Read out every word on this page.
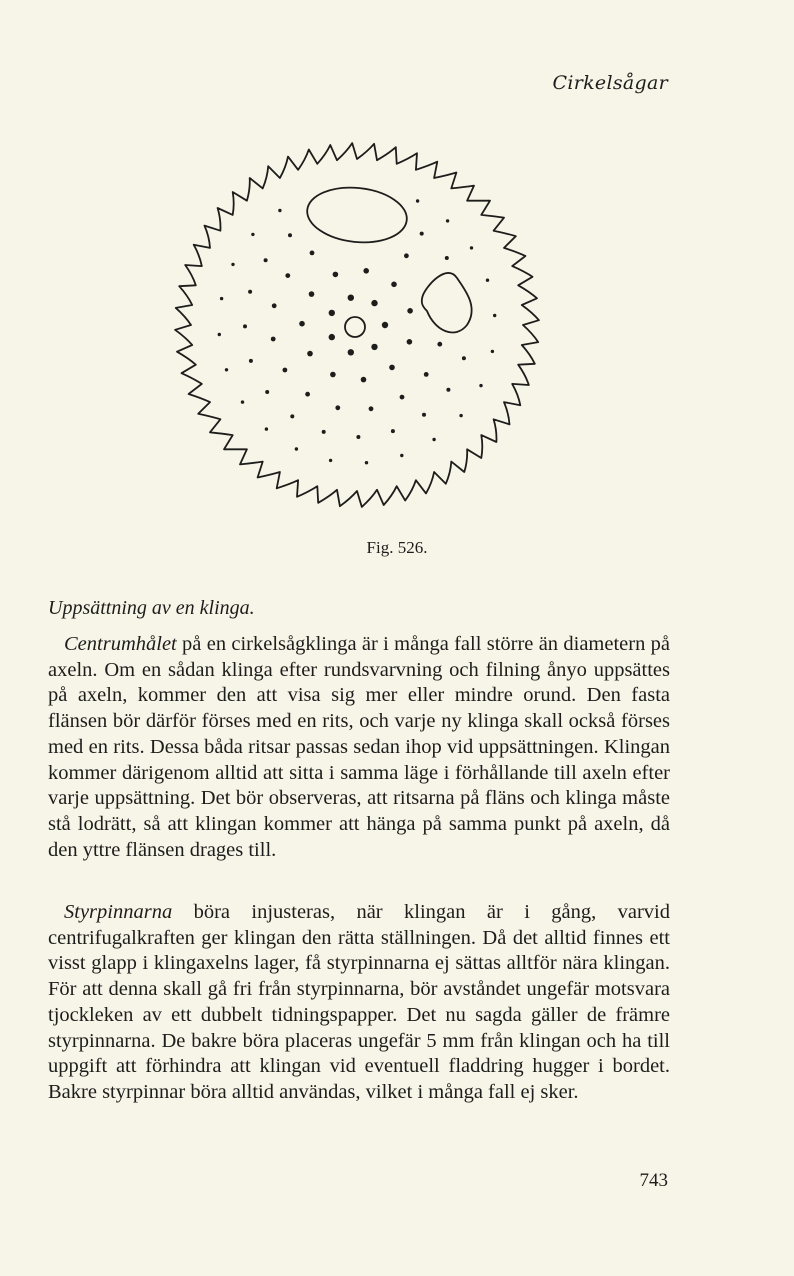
Cirkelsågar
Fig. 526.
Uppsättning av en klinga.

Centrumhålet på en cirkelsågklinga är i många fall större än diametern på axeln. Om en sådan klinga efter rundsvarvning och filning ånyo uppsättes på axeln, kommer den att visa sig mer eller mindre orund. Den fasta flänsen bör därför förses med en rits, och varje ny klinga skall också förses med en rits. Dessa båda ritsar passas sedan ihop vid uppsättningen. Klingan kommer därigenom alltid att sitta i samma läge i förhållande till axeln efter varje uppsättning. Det bör observeras, att ritsarna på fläns och klinga måste stå lodrätt, så att klingan kommer att hänga på samma punkt på axeln, då den yttre flänsen drages till.

Styrpinnarna böra injusteras, när klingan är i gång, varvid centrifugalkraften ger klingan den rätta ställningen. Då det alltid finnes ett visst glapp i klingaxelns lager, få styrpinnarna ej sättas alltför nära klingan. För att denna skall gå fri från styrpinnarna, bör avståndet ungefär motsvara tjockleken av ett dubbelt tidningspapper. Det nu sagda gäller de främre styrpinnarna. De bakre böra placeras ungefär 5 mm från klingan och ha till uppgift att förhindra att klingan vid eventuell fladdring hugger i bordet. Bakre styrpinnar böra alltid användas, vilket i många fall ej sker.

743
